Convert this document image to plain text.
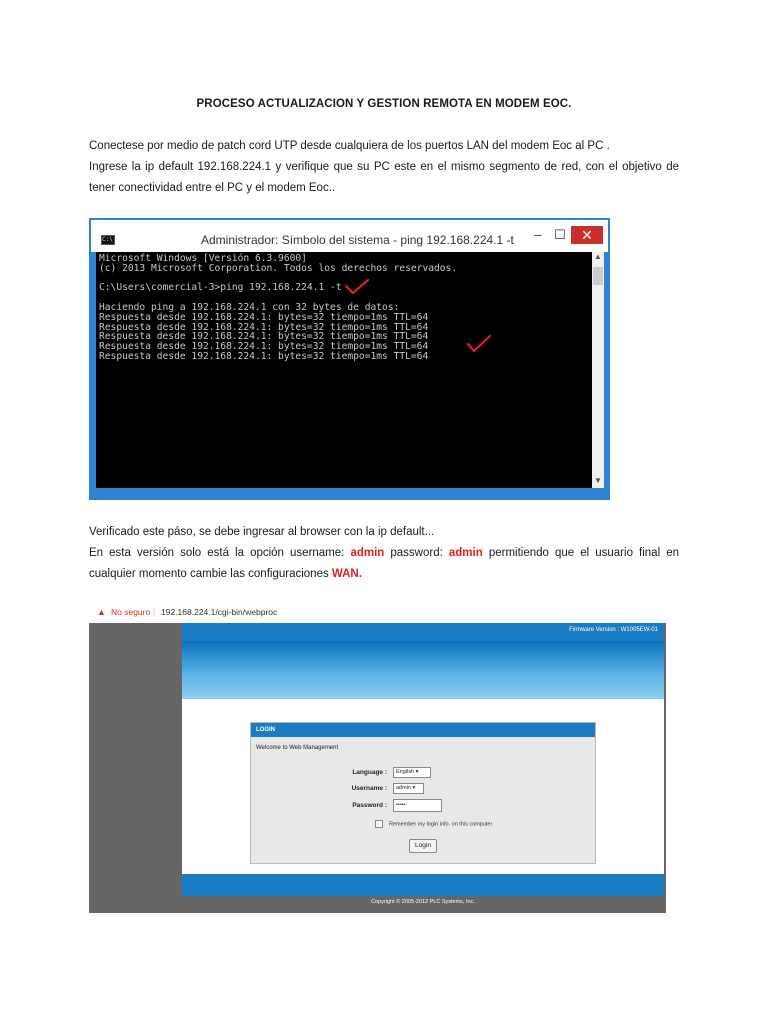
PROCESO ACTUALIZACION Y GESTION REMOTA EN MODEM EOC.

Conectese por medio de patch cord UTP desde cualquiera de los puertos LAN del modem Eoc al PC .

Ingrese la ip default 192.168.224.1 y verifique que su PC este en el mismo segmento de red, con el objetivo de tener conectividad entre el PC y el modem Eoc..

C:\	Administrador: Símbolo del sistema - ping 192.168.224.1 -t	– ☐	✕
Microsoft Windows [Versión 6.3.9600]
(c) 2013 Microsoft Corporation. Todos los derechos reservados.
C:\Users\comercial-3>ping 192.168.224.1 -t
Haciendo ping a 192.168.224.1 con 32 bytes de datos:
Respuesta desde 192.168.224.1: bytes=32 tiempo=1ms TTL=64
Respuesta desde 192.168.224.1: bytes=32 tiempo=1ms TTL=64
Respuesta desde 192.168.224.1: bytes=32 tiempo=1ms TTL=64
Respuesta desde 192.168.224.1: bytes=32 tiempo=1ms TTL=64
Respuesta desde 192.168.224.1: bytes=32 tiempo=1ms TTL=64
▲
▼

Verificado este páso, se debe ingresar al browser con la ip default...

En esta versión solo está la opción username: admin password: admin permitiendo que el usuario final en cualquier momento cambie las configuraciones WAN.

▲ No seguro | 192.168.224.1/cgi-bin/webproc
Firmware Version : W1005EW-01
LOGIN
Welcome to Web Management
Language :	English ▾
Username :	admin ▾
Password :	•••••
Remember my login info. on this computer
Login
Copyright © 2005-2012 PLC Systems, Inc.
